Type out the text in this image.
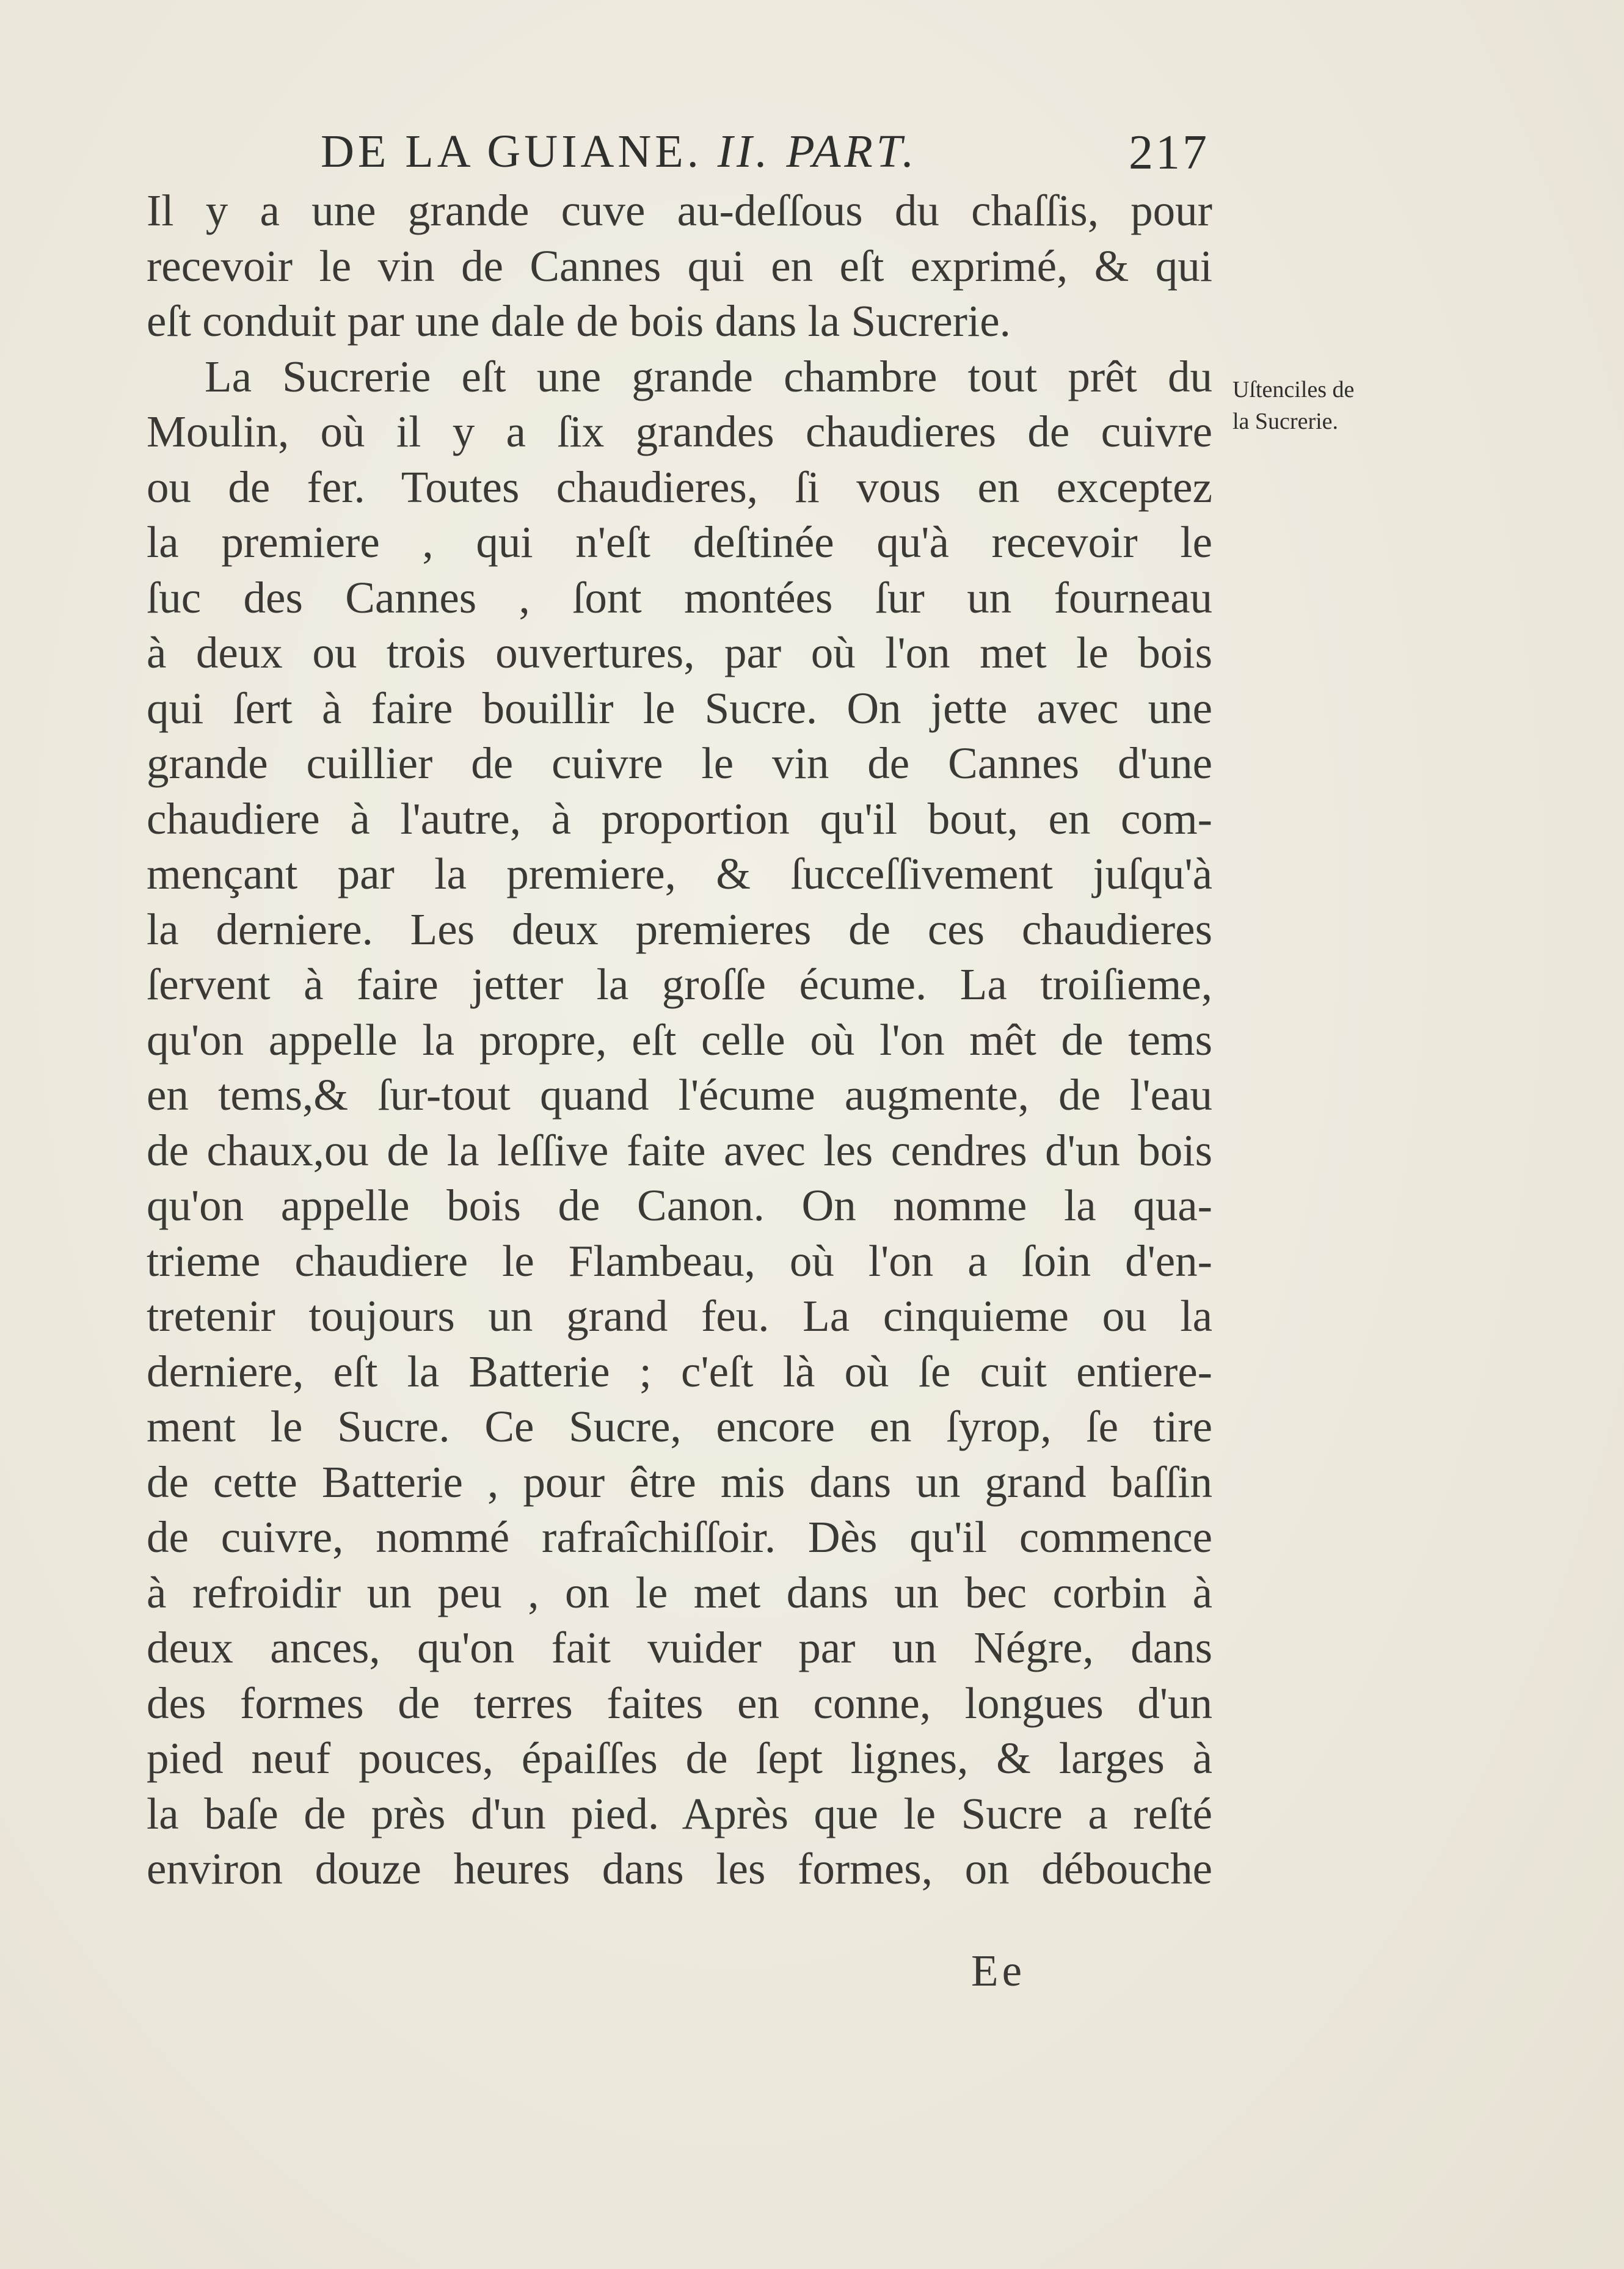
DE LA GUIANE. II. PART.	217
Il y a une grande cuve au-deſſous du chaſſis, pour
recevoir le vin de Cannes qui en eſt exprimé, & qui
eſt conduit par une dale de bois dans la Sucrerie.
La Sucrerie eſt une grande chambre tout prêt du
Moulin, où il y a ſix grandes chaudieres de cuivre
ou de fer. Toutes chaudieres, ſi vous en exceptez
la premiere , qui n'eſt deſtinée qu'à recevoir le
ſuc des Cannes , ſont montées ſur un fourneau
à deux ou trois ouvertures, par où l'on met le bois
qui ſert à faire bouillir le Sucre. On jette avec une
grande cuillier de cuivre le vin de Cannes d'une
chaudiere à l'autre, à proportion qu'il bout, en com-
mençant par la premiere, & ſucceſſivement juſqu'à
la derniere. Les deux premieres de ces chaudieres
ſervent à faire jetter la groſſe écume. La troiſieme,
qu'on appelle la propre, eſt celle où l'on mêt de tems
en tems,& ſur-tout quand l'écume augmente, de l'eau
de chaux,ou de la leſſive faite avec les cendres d'un bois
qu'on appelle bois de Canon. On nomme la qua-
trieme chaudiere le Flambeau, où l'on a ſoin d'en-
tretenir toujours un grand feu. La cinquieme ou la
derniere, eſt la Batterie ; c'eſt là où ſe cuit entiere-
ment le Sucre. Ce Sucre, encore en ſyrop, ſe tire
de cette Batterie , pour être mis dans un grand baſſin
de cuivre, nommé rafraîchiſſoir. Dès qu'il commence
à refroidir un peu , on le met dans un bec corbin à
deux ances, qu'on fait vuider par un Négre, dans
des formes de terres faites en conne, longues d'un
pied neuf pouces, épaiſſes de ſept lignes, & larges à
la baſe de près d'un pied. Après que le Sucre a reſté
environ douze heures dans les formes, on débouche
Uſtenciles de
la Sucrerie.
Ee
